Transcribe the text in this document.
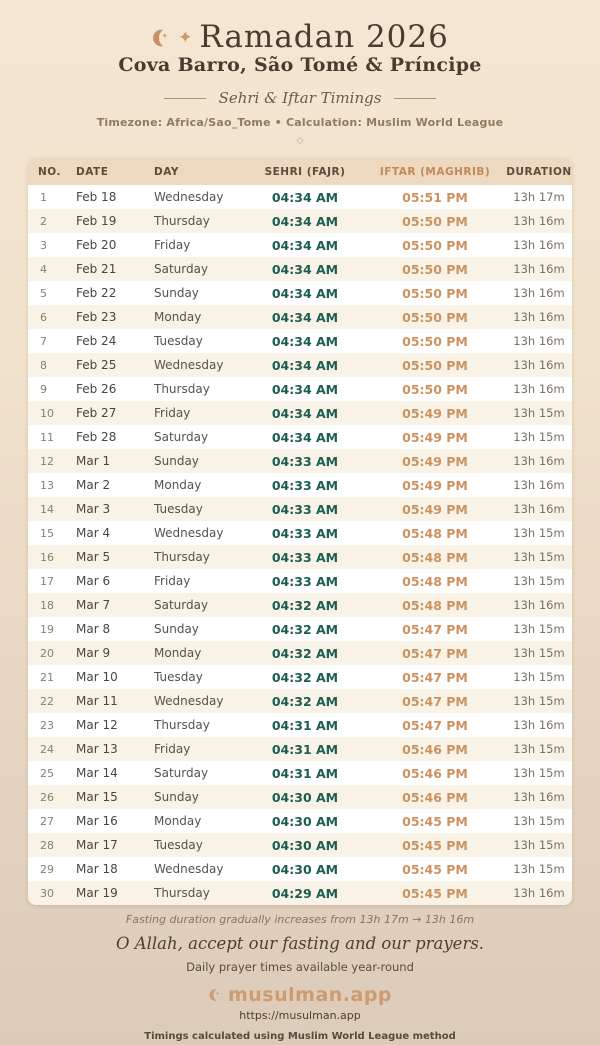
✦ Ramadan 2026
Cova Barro, São Tomé & Príncipe
Sehri & Iftar Timings
Timezone: Africa/Sao_Tome • Calculation: Muslim World League
◇
NO.	DATE	DAY	SEHRI (FAJR)	IFTAR (MAGHRIB)	DURATION
1	Feb 18	Wednesday	04:34 AM	05:51 PM	13h 17m
2	Feb 19	Thursday	04:34 AM	05:50 PM	13h 16m
3	Feb 20	Friday	04:34 AM	05:50 PM	13h 16m
4	Feb 21	Saturday	04:34 AM	05:50 PM	13h 16m
5	Feb 22	Sunday	04:34 AM	05:50 PM	13h 16m
6	Feb 23	Monday	04:34 AM	05:50 PM	13h 16m
7	Feb 24	Tuesday	04:34 AM	05:50 PM	13h 16m
8	Feb 25	Wednesday	04:34 AM	05:50 PM	13h 16m
9	Feb 26	Thursday	04:34 AM	05:50 PM	13h 16m
10	Feb 27	Friday	04:34 AM	05:49 PM	13h 15m
11	Feb 28	Saturday	04:34 AM	05:49 PM	13h 15m
12	Mar 1	Sunday	04:33 AM	05:49 PM	13h 16m
13	Mar 2	Monday	04:33 AM	05:49 PM	13h 16m
14	Mar 3	Tuesday	04:33 AM	05:49 PM	13h 16m
15	Mar 4	Wednesday	04:33 AM	05:48 PM	13h 15m
16	Mar 5	Thursday	04:33 AM	05:48 PM	13h 15m
17	Mar 6	Friday	04:33 AM	05:48 PM	13h 15m
18	Mar 7	Saturday	04:32 AM	05:48 PM	13h 16m
19	Mar 8	Sunday	04:32 AM	05:47 PM	13h 15m
20	Mar 9	Monday	04:32 AM	05:47 PM	13h 15m
21	Mar 10	Tuesday	04:32 AM	05:47 PM	13h 15m
22	Mar 11	Wednesday	04:32 AM	05:47 PM	13h 15m
23	Mar 12	Thursday	04:31 AM	05:47 PM	13h 16m
24	Mar 13	Friday	04:31 AM	05:46 PM	13h 15m
25	Mar 14	Saturday	04:31 AM	05:46 PM	13h 15m
26	Mar 15	Sunday	04:30 AM	05:46 PM	13h 16m
27	Mar 16	Monday	04:30 AM	05:45 PM	13h 15m
28	Mar 17	Tuesday	04:30 AM	05:45 PM	13h 15m
29	Mar 18	Wednesday	04:30 AM	05:45 PM	13h 15m
30	Mar 19	Thursday	04:29 AM	05:45 PM	13h 16m
Fasting duration gradually increases from 13h 17m → 13h 16m
O Allah, accept our fasting and our prayers.
Daily prayer times available year-round
musulman.app
https://musulman.app
Timings calculated using Muslim World League method
